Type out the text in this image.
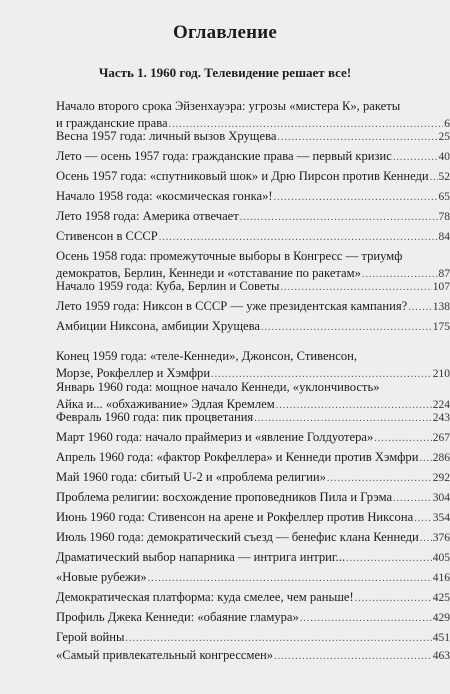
Оглавление
Часть 1. 1960 год. Телевидение решает все!
Начало второго срока Эйзенхауэра: угрозы «мистера К», ракеты
и гражданские права .....	6
Весна 1957 года: личный вызов Хрущева .....	25
Лето — осень 1957 года: гражданские права — первый кризис .....	40
Осень 1957 года: «спутниковый шок» и Дрю Пирсон против Кеннеди ..... 52
Начало 1958 года: «космическая гонка»! .....	65
Лето 1958 года: Америка отвечает .....	78
Стивенсон в СССР .....	84
Осень 1958 года: промежуточные выборы в Конгресс — триумф
демократов, Берлин, Кеннеди и «отставание по ракетам» .....	87
Начало 1959 года: Куба, Берлин и Советы .....	107
Лето 1959 года: Никсон в СССР — уже президентская кампания? ..... 138
Амбиции Никсона, амбиции Хрущева .....	175
Конец 1959 года: «теле-Кеннеди», Джонсон, Стивенсон,
Морзе, Рокфеллер и Хэмфри .....	210
Январь 1960 года: мощное начало Кеннеди, «уклончивость»
Айка и... «обхаживание» Эдлая Кремлем .....	224
Февраль 1960 года: пик процветания .....	243
Март 1960 года: начало праймериз и «явление Голдуотера» .....	267
Апрель 1960 года: «фактор Рокфеллера» и Кеннеди против Хэмфри ..... 286
Май 1960 года: сбитый U-2 и «проблема религии» .....	292
Проблема религии: восхождение проповедников Пила и Грэма .....	304
Июнь 1960 года: Стивенсон на арене и Рокфеллер против Никсона ..... 354
Июль 1960 года: демократический съезд — бенефис клана Кеннеди ..... 376
Драматический выбор напарника — интрига интриг... .....	405
«Новые рубежи» .....	416
Демократическая платформа: куда смелее, чем раньше! .....	425
Профиль Джека Кеннеди: «обаяние гламура» .....	429
Герой войны .....	451
«Самый привлекательный конгрессмен» .....	463
